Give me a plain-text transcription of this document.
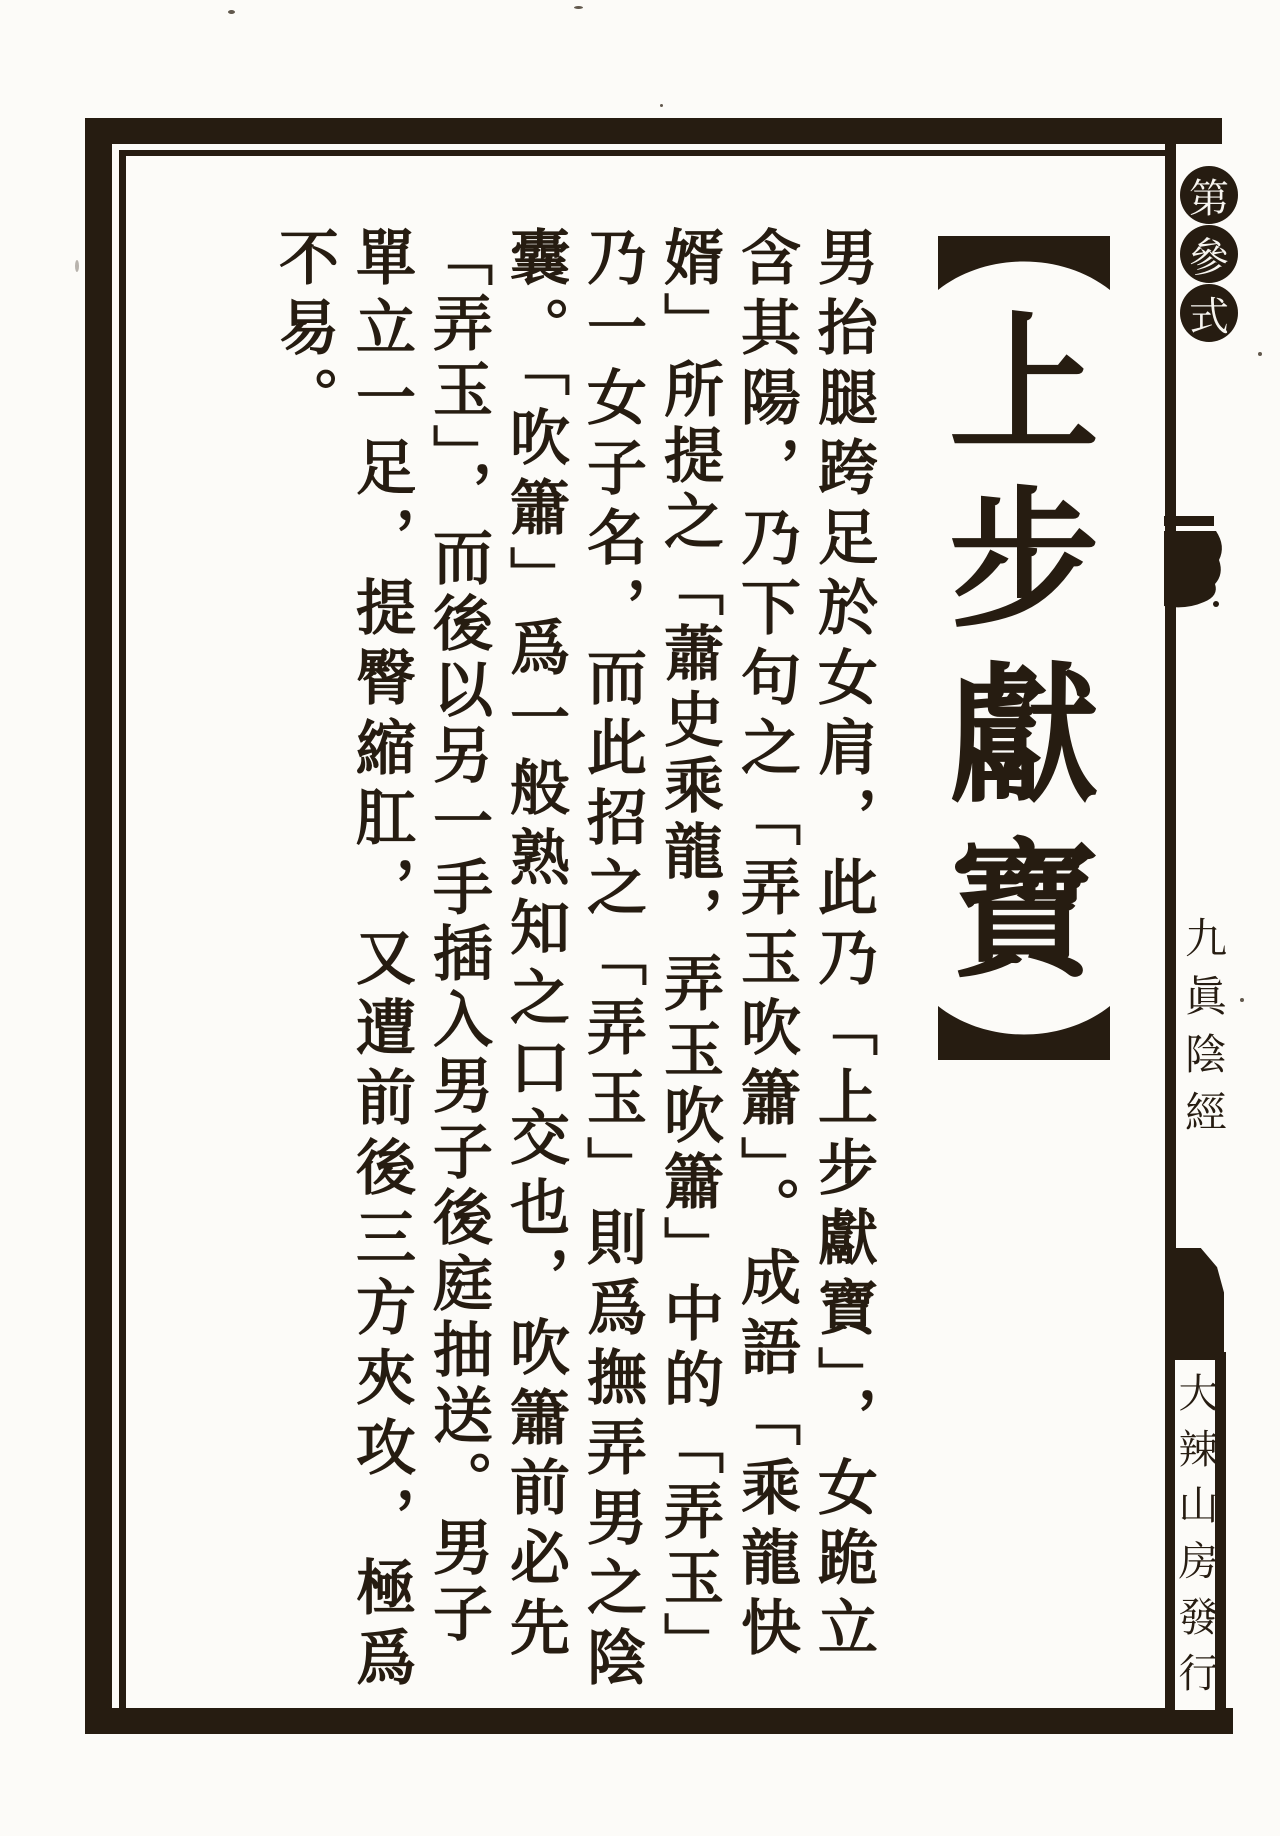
上
步
獻
寶
男抬腿跨足於女肩，此乃「上步獻寶」，女跪立
含其陽，乃下句之「弄玉吹簫」。成語「乘龍快
婿」所提之「蕭史乘龍，弄玉吹簫」中的「弄玉」
乃一女子名，而此招之「弄玉」則爲撫弄男之陰
囊。「吹簫」爲一般熟知之口交也，吹簫前必先
「弄玉」，而後以另一手插入男子後庭抽送。男子
單立一足，提臀縮肛，又遭前後三方夾攻，極爲
不易。
第
參
式
九眞陰經
大辣山房發行
